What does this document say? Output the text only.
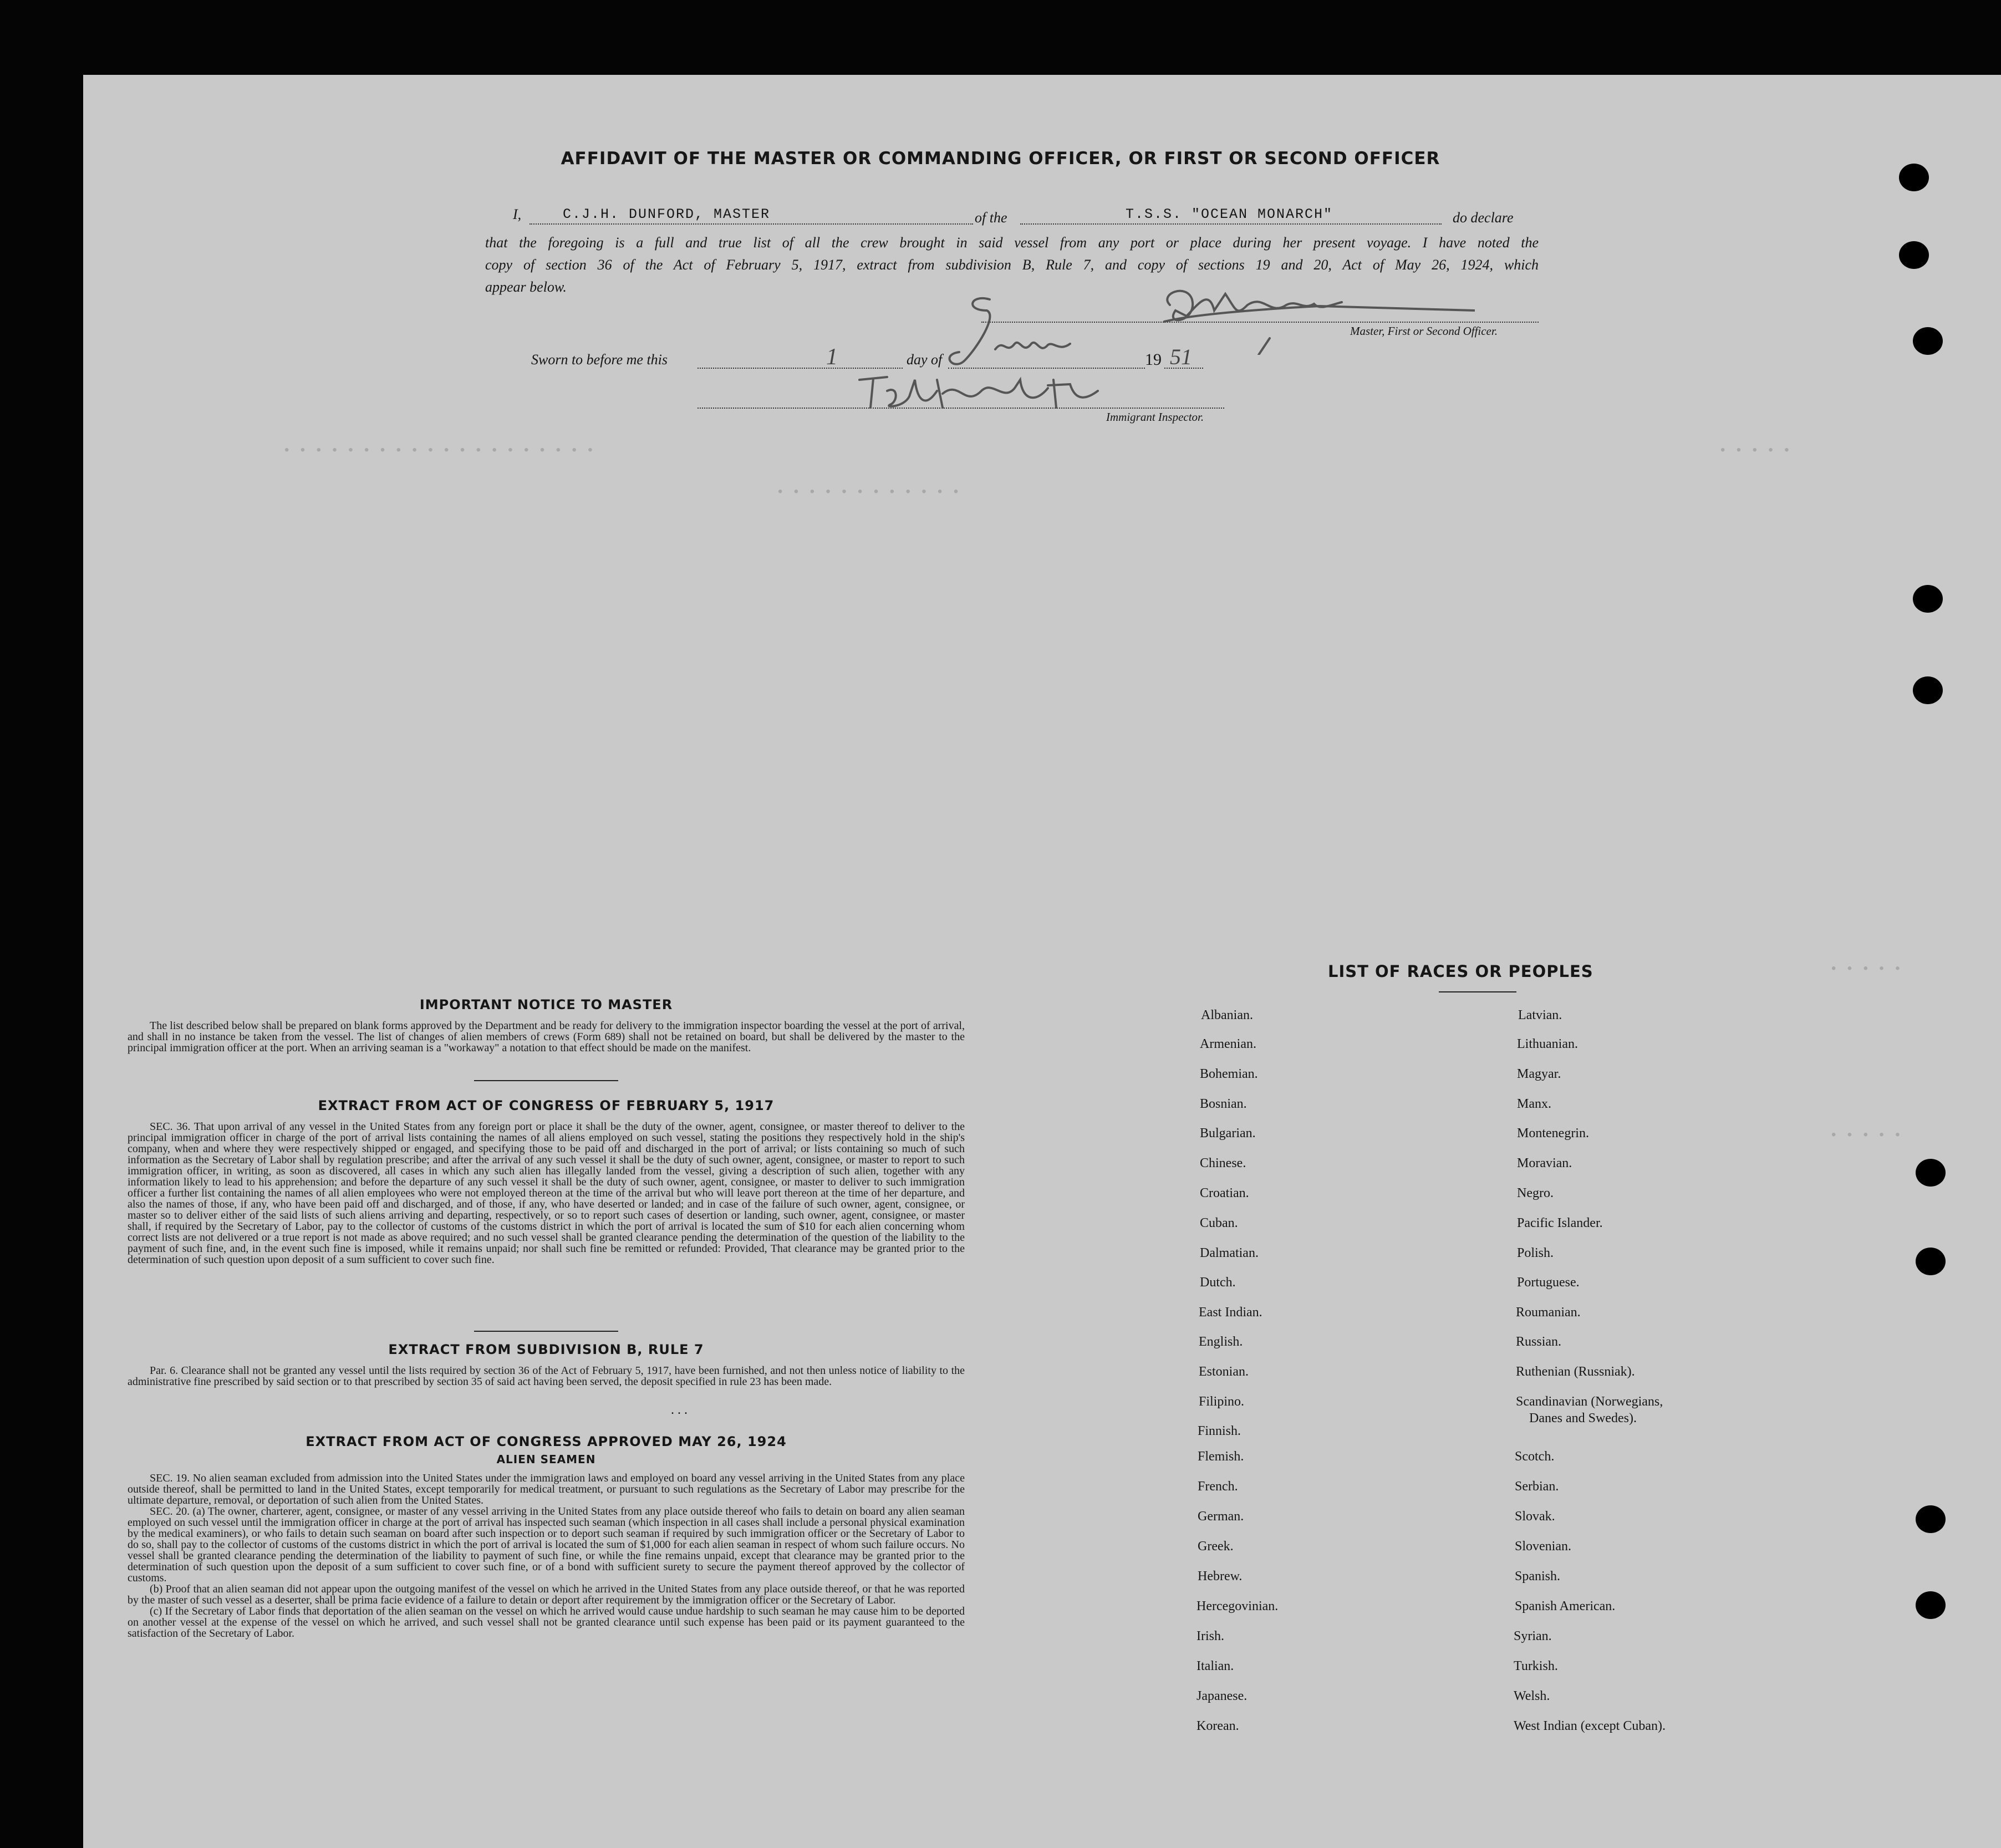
• • • • • • • • • • • • • • • • • • • •
• • • • • • • • • • • •
• • • • •
• • • • •
• • • • •
AFFIDAVIT OF THE MASTER OR COMMANDING OFFICER, OR FIRST OR SECOND OFFICER
I,	C.J.H. DUNFORD, MASTER	of the	T.S.S. "OCEAN MONARCH"	do declare
that the foregoing is a full and true list of all the crew brought in said vessel from any port or place during her present voyage. I have noted the
copy of section 36 of the Act of February 5, 1917, extract from subdivision B, Rule 7, and copy of sections 19 and 20, Act of May 26, 1924, which
appear below.
Master, First or Second Officer.
Sworn to before me this	1	day of	19 51
Immigrant Inspector.
IMPORTANT NOTICE TO MASTER

The list described below shall be prepared on blank forms approved by the Department and be ready for delivery to the immigration inspector boarding the vessel at the port of arrival, and shall in no instance be taken from the vessel. The list of changes of alien members of crews (Form 689) shall not be retained on board, but shall be delivered by the master to the principal immigration officer at the port. When an arriving seaman is a "workaway" a notation to that effect should be made on the manifest.

EXTRACT FROM ACT OF CONGRESS OF FEBRUARY 5, 1917

SEC. 36. That upon arrival of any vessel in the United States from any foreign port or place it shall be the duty of the owner, agent, consignee, or master thereof to deliver to the principal immigration officer in charge of the port of arrival lists containing the names of all aliens employed on such vessel, stating the positions they respectively hold in the ship's company, when and where they were respectively shipped or engaged, and specifying those to be paid off and discharged in the port of arrival; or lists containing so much of such information as the Secretary of Labor shall by regulation prescribe; and after the arrival of any such vessel it shall be the duty of such owner, agent, consignee, or master to report to such immigration officer, in writing, as soon as discovered, all cases in which any such alien has illegally landed from the vessel, giving a description of such alien, together with any information likely to lead to his apprehension; and before the departure of any such vessel it shall be the duty of such owner, agent, consignee, or master to deliver to such immigration officer a further list containing the names of all alien employees who were not employed thereon at the time of the arrival but who will leave port thereon at the time of her departure, and also the names of those, if any, who have been paid off and discharged, and of those, if any, who have deserted or landed; and in case of the failure of such owner, agent, consignee, or master so to deliver either of the said lists of such aliens arriving and departing, respectively, or so to report such cases of desertion or landing, such owner, agent, consignee, or master shall, if required by the Secretary of Labor, pay to the collector of customs of the customs district in which the port of arrival is located the sum of $10 for each alien concerning whom correct lists are not delivered or a true report is not made as above required; and no such vessel shall be granted clearance pending the determination of the question of the liability to the payment of such fine, and, in the event such fine is imposed, while it remains unpaid; nor shall such fine be remitted or refunded: Provided, That clearance may be granted prior to the determination of such question upon deposit of a sum sufficient to cover such fine.

EXTRACT FROM SUBDIVISION B, RULE 7

Par. 6. Clearance shall not be granted any vessel until the lists required by section 36 of the Act of February 5, 1917, have been furnished, and not then unless notice of liability to the administrative fine prescribed by said section or to that prescribed by section 35 of said act having been served, the deposit specified in rule 23 has been made.

. . .
EXTRACT FROM ACT OF CONGRESS APPROVED MAY 26, 1924
ALIEN SEAMEN

SEC. 19. No alien seaman excluded from admission into the United States under the immigration laws and employed on board any vessel arriving in the United States from any place outside thereof, shall be permitted to land in the United States, except temporarily for medical treatment, or pursuant to such regulations as the Secretary of Labor may prescribe for the ultimate departure, removal, or deportation of such alien from the United States.

SEC. 20. (a) The owner, charterer, agent, consignee, or master of any vessel arriving in the United States from any place outside thereof who fails to detain on board any alien seaman employed on such vessel until the immigration officer in charge at the port of arrival has inspected such seaman (which inspection in all cases shall include a personal physical examination by the medical examiners), or who fails to detain such seaman on board after such inspection or to deport such seaman if required by such immigration officer or the Secretary of Labor to do so, shall pay to the collector of customs of the customs district in which the port of arrival is located the sum of $1,000 for each alien seaman in respect of whom such failure occurs. No vessel shall be granted clearance pending the determination of the liability to payment of such fine, or while the fine remains unpaid, except that clearance may be granted prior to the determination of such question upon the deposit of a sum sufficient to cover such fine, or of a bond with sufficient surety to secure the payment thereof approved by the collector of customs.

(b) Proof that an alien seaman did not appear upon the outgoing manifest of the vessel on which he arrived in the United States from any place outside thereof, or that he was reported by the master of such vessel as a deserter, shall be prima facie evidence of a failure to detain or deport after requirement by the immigration officer or the Secretary of Labor.

(c) If the Secretary of Labor finds that deportation of the alien seaman on the vessel on which he arrived would cause undue hardship to such seaman he may cause him to be deported on another vessel at the expense of the vessel on which he arrived, and such vessel shall not be granted clearance until such expense has been paid or its payment guaranteed to the satisfaction of the Secretary of Labor.

LIST OF RACES OR PEOPLES
Albanian.
Armenian.
Bohemian.
Bosnian.
Bulgarian.
Chinese.
Croatian.
Cuban.
Dalmatian.
Dutch.
East Indian.
English.
Estonian.
Filipino.
Finnish.
Flemish.
French.
German.
Greek.
Hebrew.
Hercegovinian.
Irish.
Italian.
Japanese.
Korean.
Latvian.
Lithuanian.
Magyar.
Manx.
Montenegrin.
Moravian.
Negro.
Pacific Islander.
Polish.
Portuguese.
Roumanian.
Russian.
Ruthenian (Russniak).
Scandinavian (Norwegians,
Danes and Swedes).
Scotch.
Serbian.
Slovak.
Slovenian.
Spanish.
Spanish American.
Syrian.
Turkish.
Welsh.
West Indian (except Cuban).
